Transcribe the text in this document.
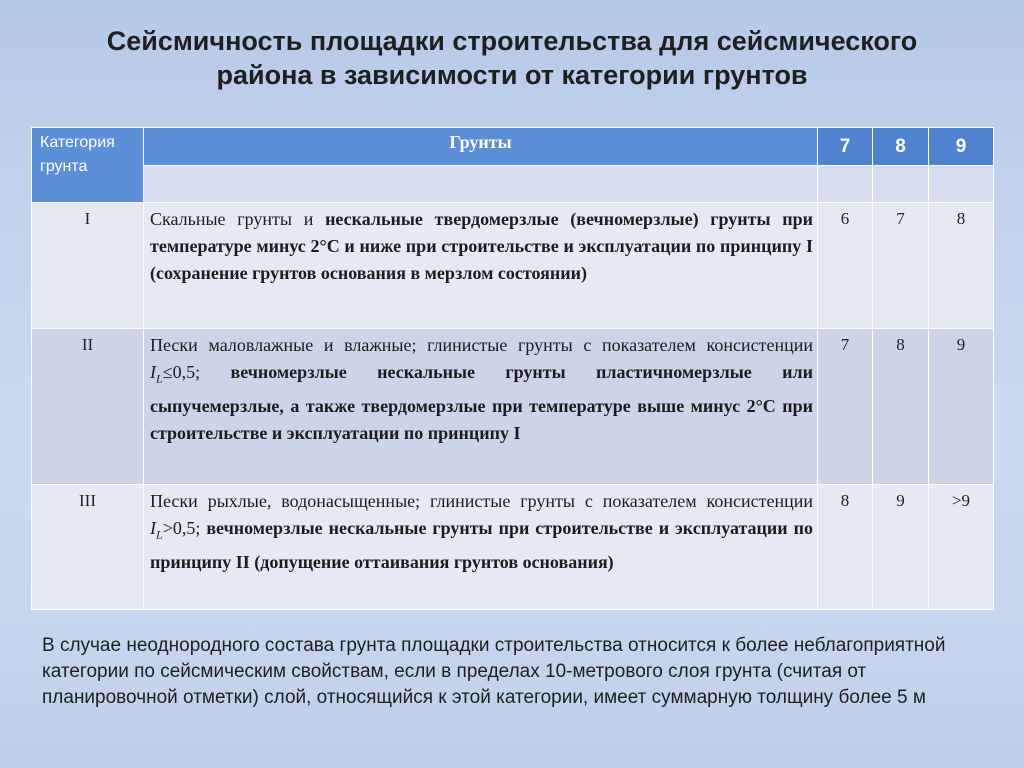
Сейсмичность площадки строительства для сейсмического
района в зависимости от категории грунтов
Категория грунта	Грунты	7	8	9

I	Скальные грунты и нескальные твердомерзлые (вечномерзлые) грунты при температуре минус 2°С и ниже при строительстве и эксплуатации по принципу I (сохранение грунтов основания в мерзлом состоянии)	6	7	8
II	Пески маловлажные и влажные; глинистые грунты с показателем консистенции $I_L\le 0,5$; вечномерзлые нескальные грунты пластичномерзлые или сыпучемерзлые, а также твердомерзлые при температуре выше минус 2°С при строительстве и эксплуатации по принципу I	7	8	9
III	Пески рыхлые, водонасыщенные; глинистые грунты с показателем консистенции $I_L>0,5$; вечномерзлые нескальные грунты при строительстве и эксплуатации по принципу II (допущение оттаивания грунтов основания)	8	9	>9
В случае неоднородного состава грунта площадки строительства относится к более неблагоприятной категории по сейсмическим свойствам, если в пределах 10-метрового слоя грунта (считая от планировочной отметки) слой, относящийся к этой категории, имеет суммарную толщину более 5 м
